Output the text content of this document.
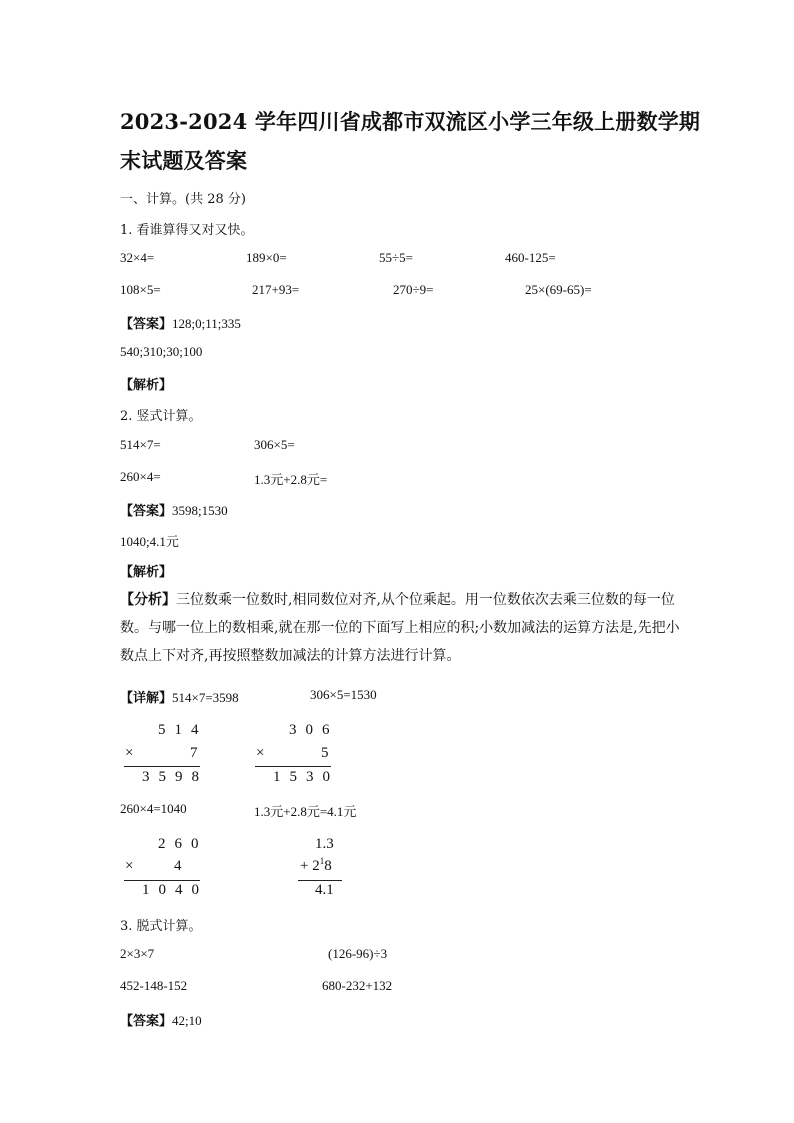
2023-2024 学年四川省成都市双流区小学三年级上册数学期
末试题及答案
一、计算。(共 28 分)
1. 看谁算得又对又快。
32×4=	189×0=	55÷5=	460-125=
108×5=	217+93=	270÷9=	25×(69-65)=
【答案】128;0;11;335
540;310;30;100
【解析】
2. 竖式计算。
514×7=	306×5=
260×4=	1.3元+2.8元=
【答案】3598;1530
1040;4.1元
【解析】
【分析】三位数乘一位数时,相同数位对齐,从个位乘起。用一位数依次去乘三位数的每一位数。与哪一位上的数相乘,就在那一位的下面写上相应的积;小数加减法的运算方法是,先把小数点上下对齐,再按照整数加减法的计算方法进行计算。
【详解】514×7=3598	306×5=1530
514
×	7
3598
306
×	5
1530
260×4=1040	1.3元+2.8元=4.1元
260
× 4
1040
1.3
+ $2^18$
4.1
3. 脱式计算。
2×3×7	(126-96)÷3
452-148-152	680-232+132
【答案】42;10
